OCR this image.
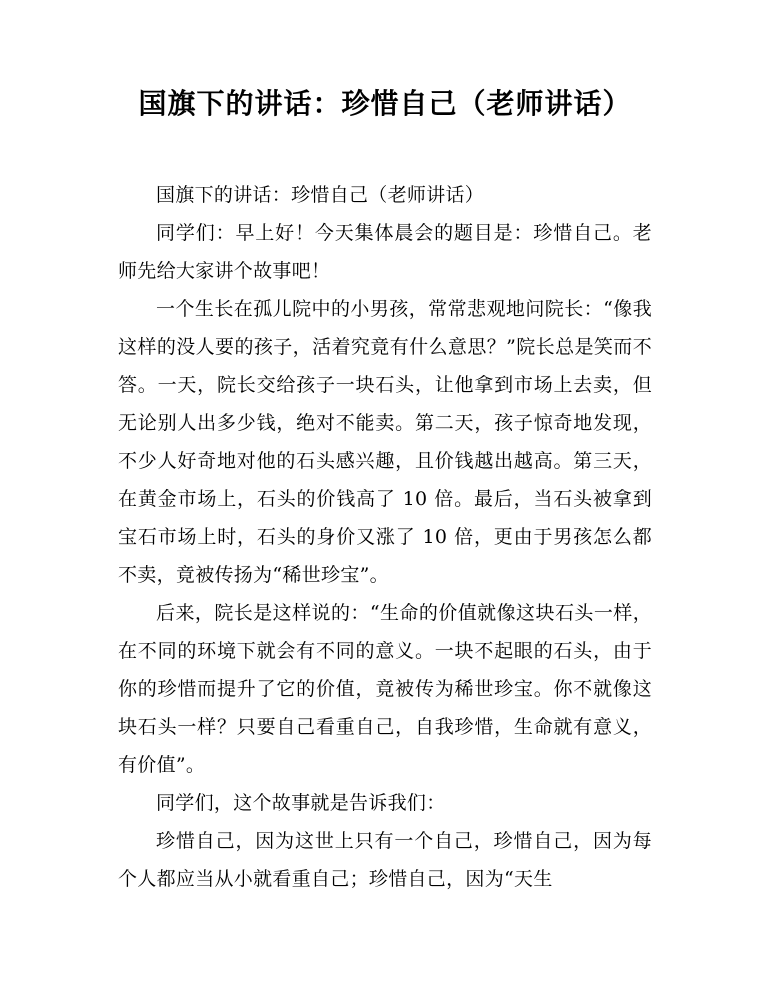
国旗下的讲话：珍惜自己（老师讲话）

国旗下的讲话：珍惜自己（老师讲话）

同学们：早上好！今天集体晨会的题目是：珍惜自己。老师先给大家讲个故事吧！

一个生长在孤儿院中的小男孩，常常悲观地问院长：“像我这样的没人要的孩子，活着究竟有什么意思？”院长总是笑而不答。一天，院长交给孩子一块石头，让他拿到市场上去卖，但无论别人出多少钱，绝对不能卖。第二天，孩子惊奇地发现，不少人好奇地对他的石头感兴趣，且价钱越出越高。第三天，在黄金市场上，石头的价钱高了 10 倍。最后，当石头被拿到宝石市场上时，石头的身价又涨了 10 倍，更由于男孩怎么都不卖，竟被传扬为“稀世珍宝”。

后来，院长是这样说的：“生命的价值就像这块石头一样，在不同的环境下就会有不同的意义。一块不起眼的石头，由于你的珍惜而提升了它的价值，竟被传为稀世珍宝。你不就像这块石头一样？只要自己看重自己，自我珍惜，生命就有意义，有价值”。

同学们，这个故事就是告诉我们：

珍惜自己，因为这世上只有一个自己，珍惜自己，因为每个人都应当从小就看重自己；珍惜自己，因为“天生
